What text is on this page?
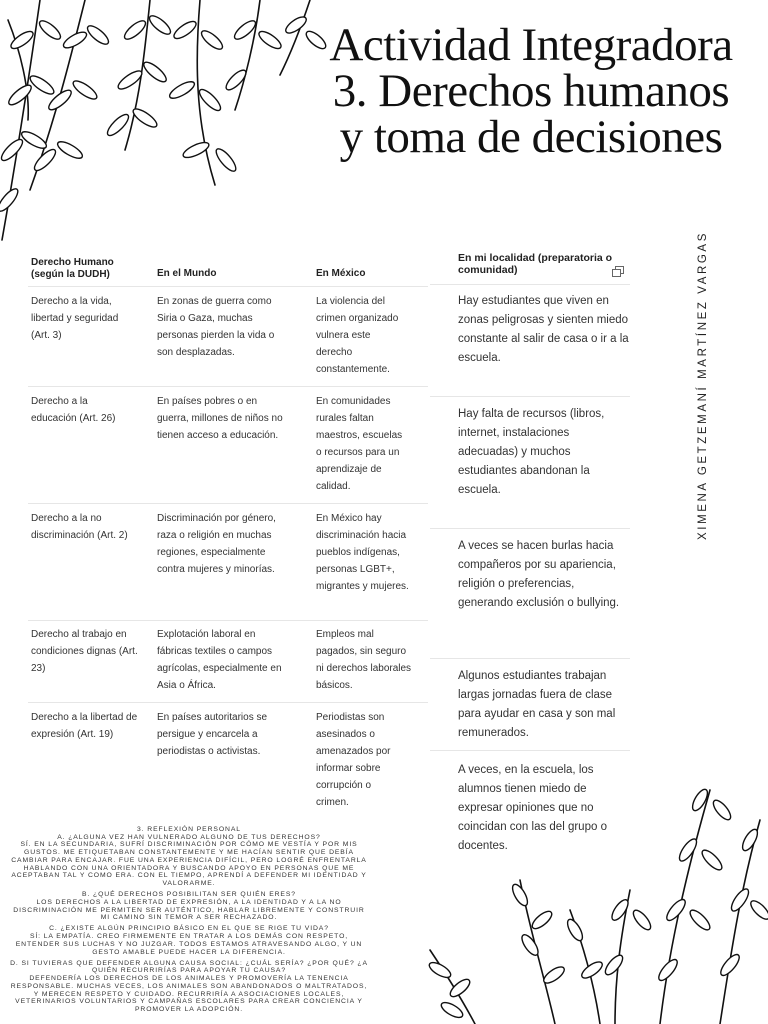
Actividad Integradora
3. Derechos humanos
y toma de decisiones
XIMENA GETZEMANÍ MARTÍNEZ VARGAS
Derecho Humano (según la DUDH)	En el Mundo	En México
En mi localidad (preparatoria o comunidad)
Derecho a la vida, libertad y seguridad (Art. 3)
En zonas de guerra como Siria o Gaza, muchas personas pierden la vida o son desplazadas.
La violencia del crimen organizado vulnera este derecho constantemente.
Hay estudiantes que viven en zonas peligrosas y sienten miedo constante al salir de casa o ir a la escuela.
Derecho a la educación (Art. 26)
En países pobres o en guerra, millones de niños no tienen acceso a educación.
En comunidades rurales faltan maestros, escuelas o recursos para un aprendizaje de calidad.
Hay falta de recursos (libros, internet, instalaciones adecuadas) y muchos estudiantes abandonan la escuela.
Derecho a la no discriminación (Art. 2)
Discriminación por género, raza o religión en muchas regiones, especialmente contra mujeres y minorías.
En México hay discriminación hacia pueblos indígenas, personas LGBT+, migrantes y mujeres.
A veces se hacen burlas hacia compañeros por su apariencia, religión o preferencias, generando exclusión o bullying.
Derecho al trabajo en condiciones dignas (Art. 23)
Explotación laboral en fábricas textiles o campos agrícolas, especialmente en Asia o África.
Empleos mal pagados, sin seguro ni derechos laborales básicos.
Algunos estudiantes trabajan largas jornadas fuera de clase para ayudar en casa y son mal remunerados.
Derecho a la libertad de expresión (Art. 19)
En países autoritarios se persigue y encarcela a periodistas o activistas.
Periodistas son asesinados o amenazados por informar sobre corrupción o crimen.
A veces, en la escuela, los alumnos tienen miedo de expresar opiniones que no coincidan con las del grupo o docentes.

3. REFLEXIÓN PERSONAL

A. ¿ALGUNA VEZ HAN VULNERADO ALGUNO DE TUS DERECHOS?

SÍ. EN LA SECUNDARIA, SUFRÍ DISCRIMINACIÓN POR CÓMO ME VESTÍA Y POR MIS GUSTOS. ME ETIQUETABAN CONSTANTEMENTE Y ME HACÍAN SENTIR QUE DEBÍA CAMBIAR PARA ENCAJAR. FUE UNA EXPERIENCIA DIFÍCIL, PERO LOGRÉ ENFRENTARLA HABLANDO CON UNA ORIENTADORA Y BUSCANDO APOYO EN PERSONAS QUE ME ACEPTABAN TAL Y COMO ERA. CON EL TIEMPO, APRENDÍ A DEFENDER MI IDENTIDAD Y VALORARME.

B. ¿QUÉ DERECHOS POSIBILITAN SER QUIÉN ERES?

LOS DERECHOS A LA LIBERTAD DE EXPRESIÓN, A LA IDENTIDAD Y A LA NO DISCRIMINACIÓN ME PERMITEN SER AUTÉNTICO, HABLAR LIBREMENTE Y CONSTRUIR MI CAMINO SIN TEMOR A SER RECHAZADO.

C. ¿EXISTE ALGÚN PRINCIPIO BÁSICO EN EL QUE SE RIGE TU VIDA?

SÍ: LA EMPATÍA. CREO FIRMEMENTE EN TRATAR A LOS DEMÁS CON RESPETO, ENTENDER SUS LUCHAS Y NO JUZGAR. TODOS ESTAMOS ATRAVESANDO ALGO, Y UN GESTO AMABLE PUEDE HACER LA DIFERENCIA.

D. SI TUVIERAS QUE DEFENDER ALGUNA CAUSA SOCIAL: ¿CUÁL SERÍA? ¿POR QUÉ? ¿A QUIÉN RECURRIRÍAS PARA APOYAR TU CAUSA?

DEFENDERÍA LOS DERECHOS DE LOS ANIMALES Y PROMOVERÍA LA TENENCIA RESPONSABLE. MUCHAS VECES, LOS ANIMALES SON ABANDONADOS O MALTRATADOS, Y MERECEN RESPETO Y CUIDADO. RECURRIRÍA A ASOCIACIONES LOCALES, VETERINARIOS VOLUNTARIOS Y CAMPAÑAS ESCOLARES PARA CREAR CONCIENCIA Y PROMOVER LA ADOPCIÓN.
